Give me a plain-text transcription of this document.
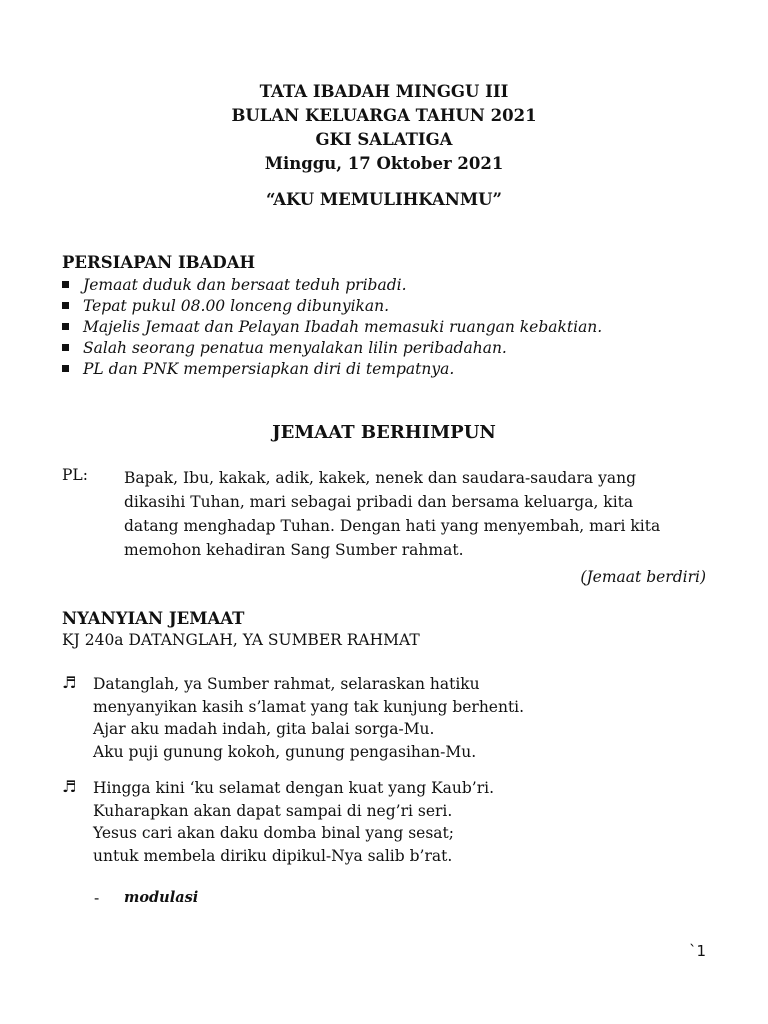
TATA IBADAH MINGGU III
BULAN KELUARGA TAHUN 2021
GKI SALATIGA
Minggu, 17 Oktober 2021
“AKU MEMULIHKANMU”
PERSIAPAN IBADAH
Jemaat duduk dan bersaat teduh pribadi.
Tepat pukul 08.00 lonceng dibunyikan.
Majelis Jemaat dan Pelayan Ibadah memasuki ruangan kebaktian.
Salah seorang penatua menyalakan lilin peribadahan.
PL dan PNK mempersiapkan diri di tempatnya.
JEMAAT BERHIMPUN
PL: Bapak, Ibu, kakak, adik, kakek, nenek dan saudara-saudara yang
dikasihi Tuhan, mari sebagai pribadi dan bersama keluarga, kita
datang menghadap Tuhan. Dengan hati yang menyembah, mari kita
memohon kehadiran Sang Sumber rahmat.
(Jemaat berdiri)
NYANYIAN JEMAAT
KJ 240a DATANGLAH, YA SUMBER RAHMAT
♬ Datanglah, ya Sumber rahmat, selaraskan hatiku
menyanyikan kasih s’lamat yang tak kunjung berhenti.
Ajar aku madah indah, gita balai sorga-Mu.
Aku puji gunung kokoh, gunung pengasihan-Mu.
♬ Hingga kini ‘ku selamat dengan kuat yang Kaub’ri.
Kuharapkan akan dapat sampai di neg’ri seri.
Yesus cari akan daku domba binal yang sesat;
untuk membela diriku dipikul-Nya salib b’rat.
- modulasi
`1
